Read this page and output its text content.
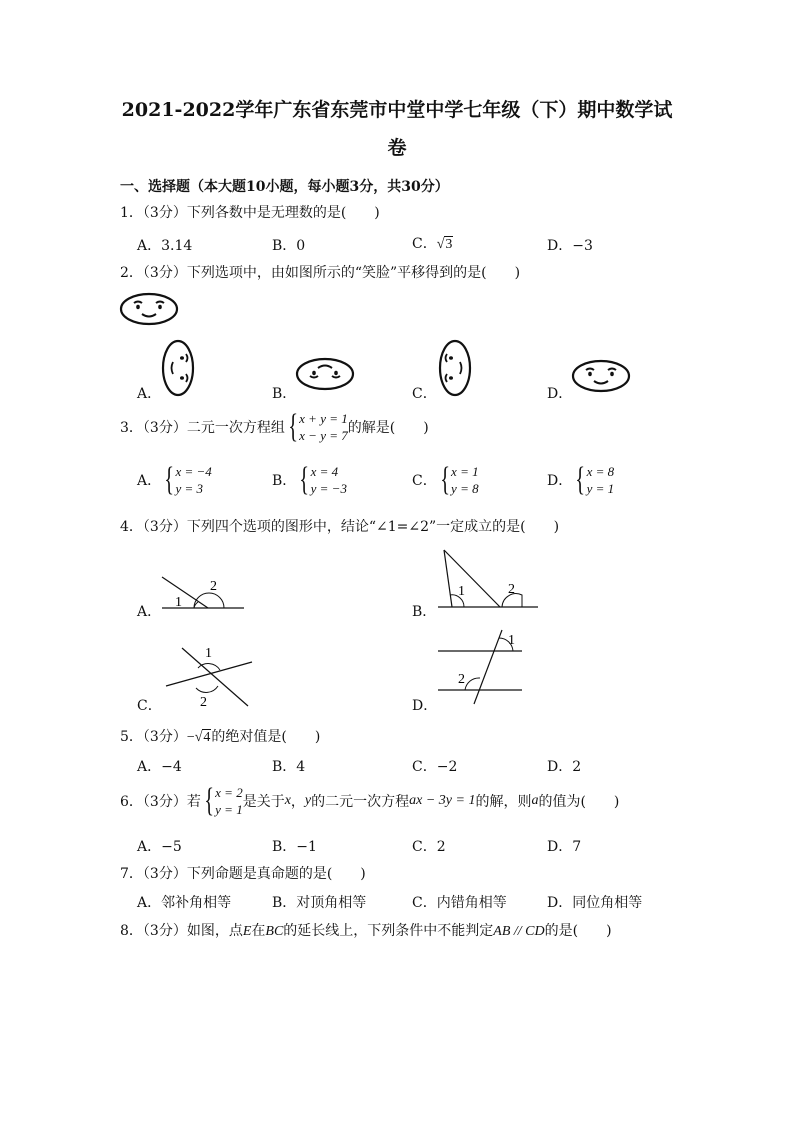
2021-2022学年广东省东莞市中堂中学七年级（下）期中数学试
卷
一、选择题（本大题10小题，每小题3分，共30分）
1．（3分）下列各数中是无理数的是(　　)
A．3.14	B．0	C．√3	D．−3
2．（3分）下列选项中，由如图所示的“笑脸”平移得到的是(　　)
A．	B．	C．	D．
3．（3分）二元一次方程组 { x + y = 1
x − y = 7 的解是(　　)
A． { x = −4
y = 3	B． { x = 4
y = −3	C． { x = 1
y = 8	D． { x = 8
y = 1
4．（3分）下列四个选项的图形中，结论“∠1=∠2”一定成立的是(　　)
A．
1
2
B．
1	2
C．
1
2	D．
1
2
5．（3分）−√4的绝对值是(　　)
A．−4	B．4	C．−2	D．2
6．（3分）若 { x = 2
y = 1 是关于x，y的二元一次方程ax − 3y = 1的解，则a的值为(　　)
A．−5	B．−1	C．2	D．7
7．（3分）下列命题是真命题的是(　　)
A．邻补角相等	B．对顶角相等	C．内错角相等	D．同位角相等
8．（3分）如图，点E在BC的延长线上，下列条件中不能判定AB // CD的是(　　)
